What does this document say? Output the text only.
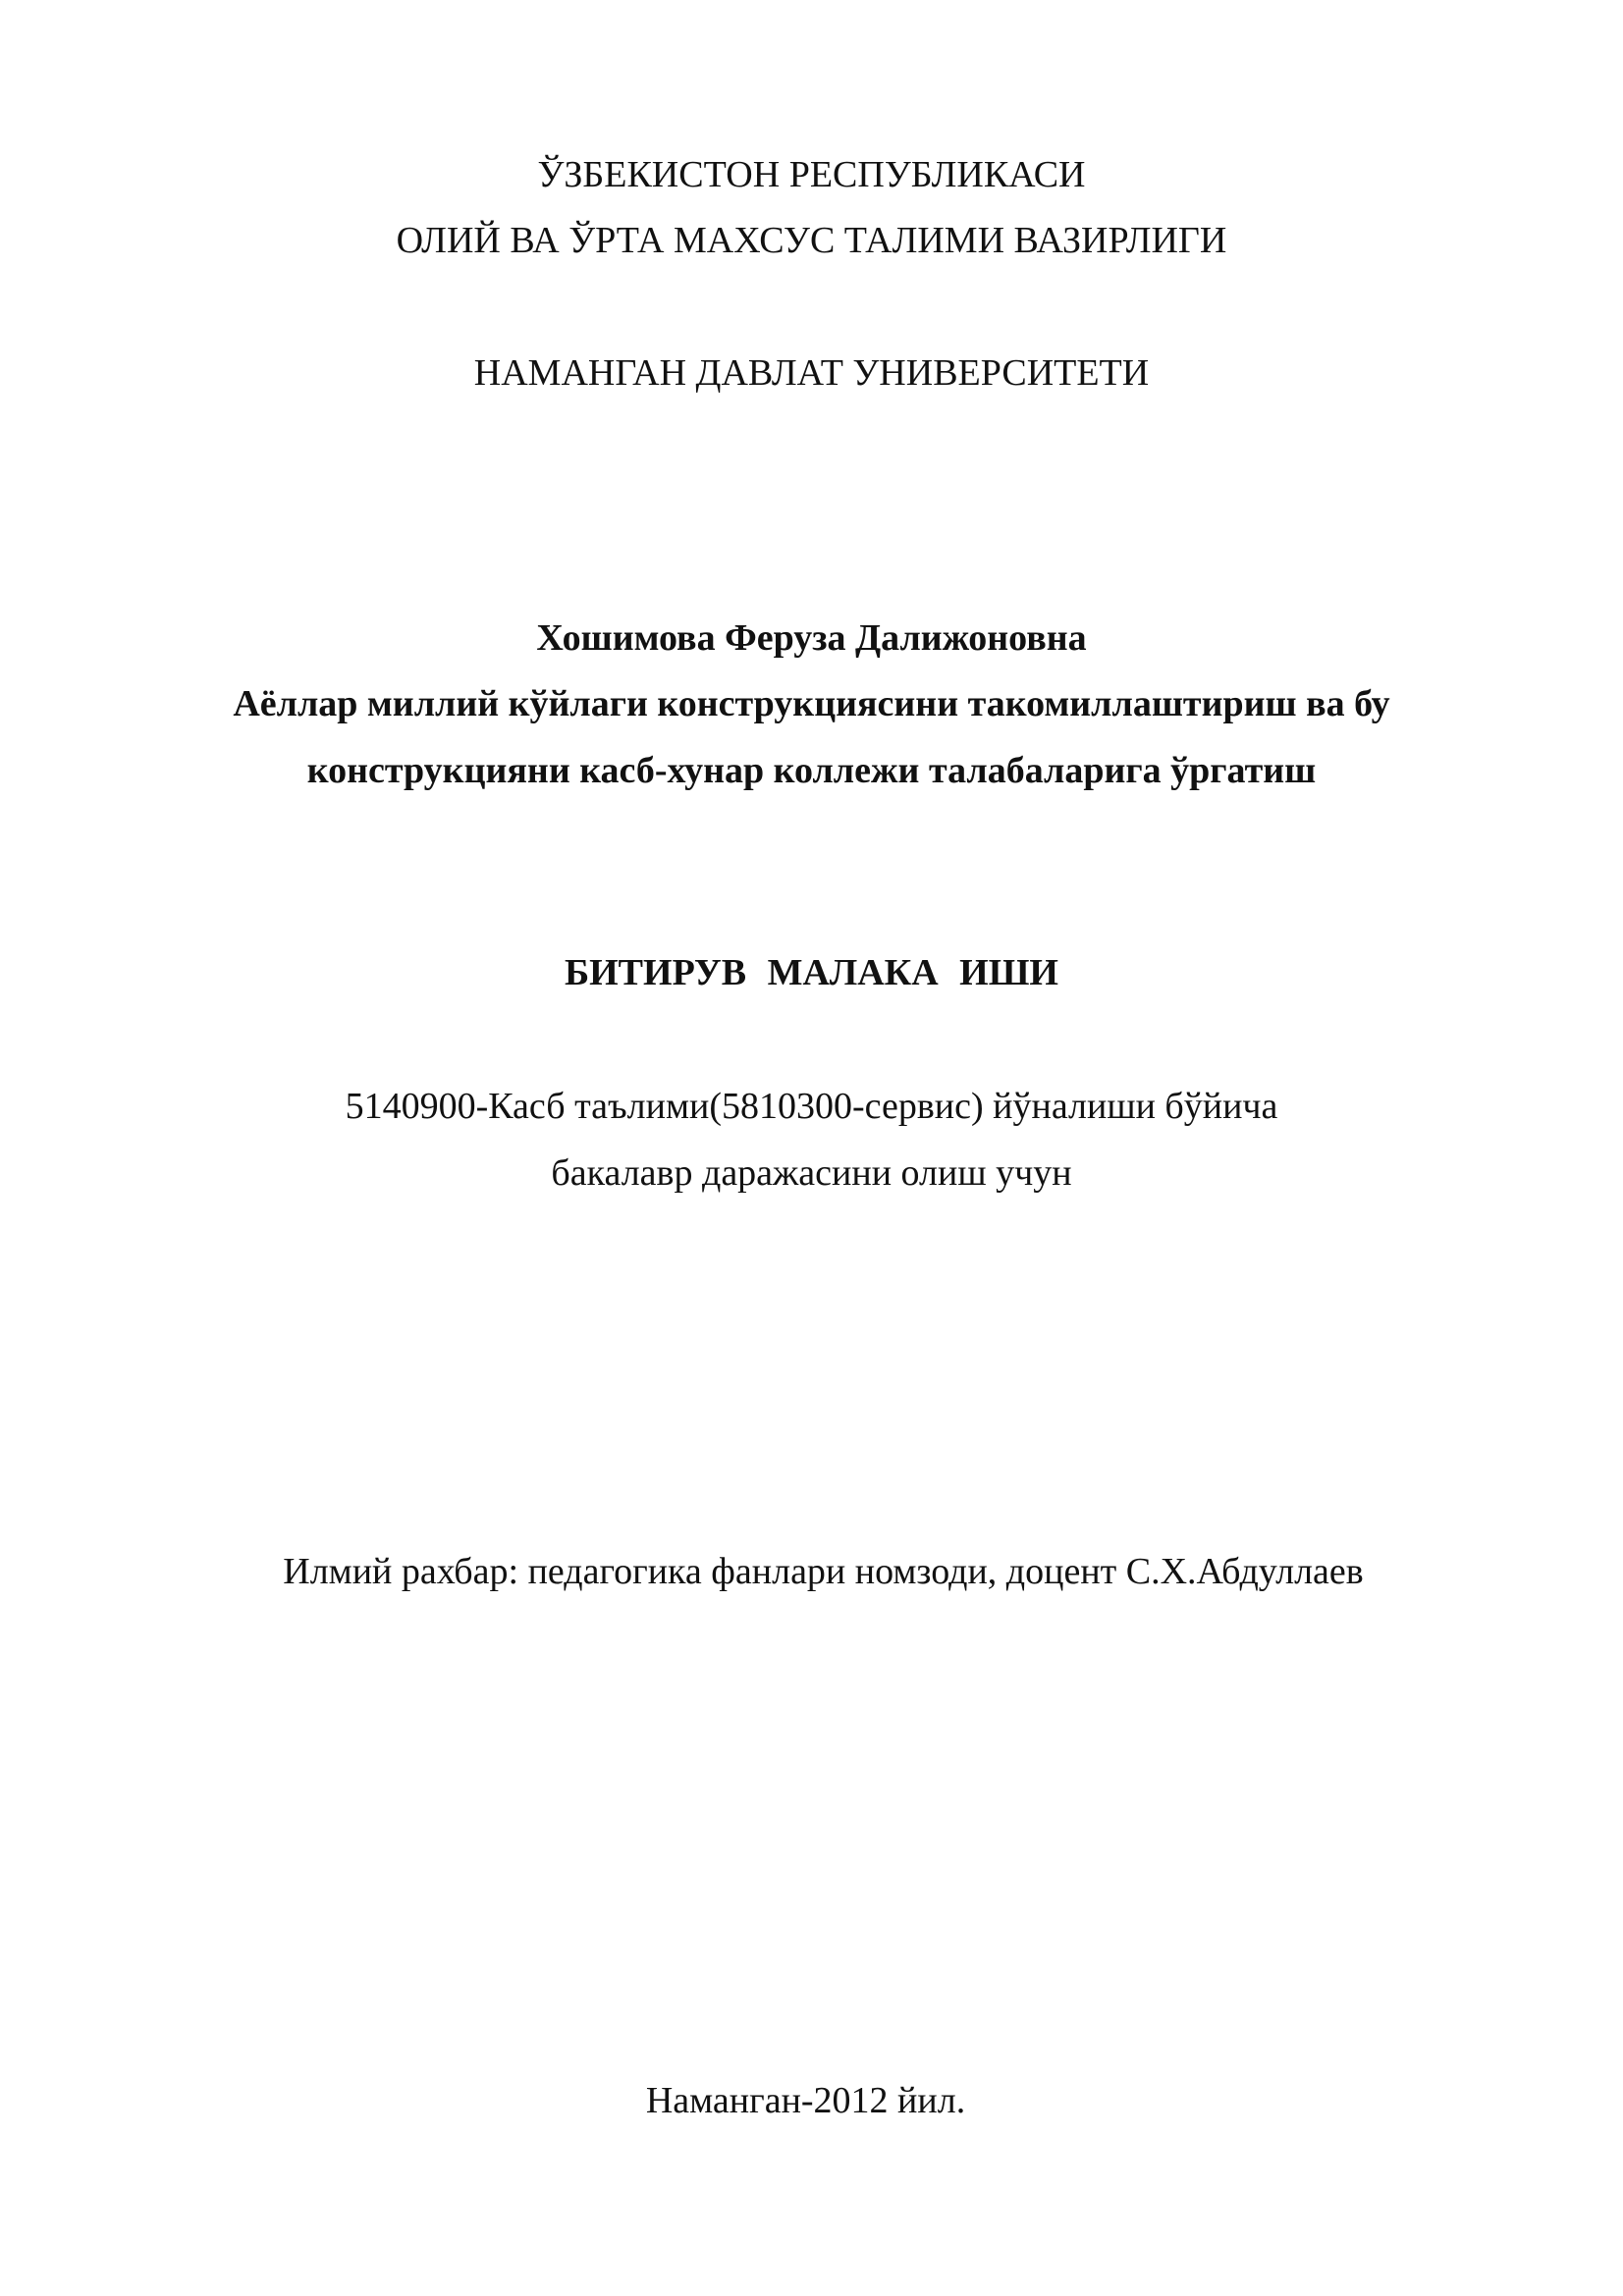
ЎЗБЕКИСТОН РЕСПУБЛИКАСИ
ОЛИЙ ВА ЎРТА МАХСУС ТАЛИМИ ВАЗИРЛИГИ
НАМАНГАН ДАВЛАТ УНИВЕРСИТЕТИ
Хошимова Феруза Далижоновна
Аёллар миллий кўйлаги конструкциясини такомиллаштириш ва бу
конструкцияни касб-хунар коллежи талабаларига ўргатиш
БИТИРУВ МАЛАКА ИШИ
5140900-Касб таълими(5810300-сервис) йўналиши бўйича
бакалавр даражасини олиш учун
Илмий рахбар: педагогика фанлари номзоди, доцент С.Х.Абдуллаев
Наманган-2012 йил.
